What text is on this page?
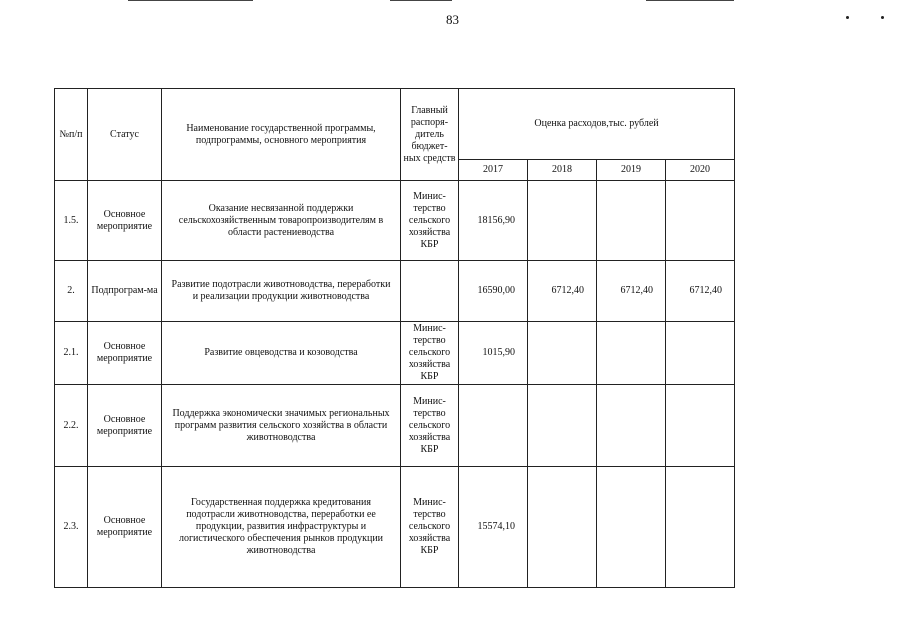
83
№п/п	Статус	Наименование государственной программы, подпрограммы, основного мероприятия	Главный распоря-дитель бюджет-ных средств	Оценка расходов,тыс. рублей			
				2017	2018	2019	2020
1.5.	Основное мероприятие	Оказание несвязанной поддержки сельскохозяйственным товаропроизводителям в области растениеводства	Минис-терство сельского хозяйства КБР	18156,90			
2.	Подпрограм-ма	Развитие подотрасли животноводства, переработки и реализации продукции животноводства		16590,00	6712,40	6712,40	6712,40
2.1.	Основное мероприятие	Развитие овцеводства и козоводства	Минис-терство сельского хозяйства КБР	1015,90			
2.2.	Основное мероприятие	Поддержка экономически значимых региональных программ развития сельского хозяйства в области животноводства	Минис-терство сельского хозяйства КБР				
2.3.	Основное мероприятие	Государственная поддержка кредитования подотрасли животноводства, переработки ее продукции, развития инфраструктуры и логистического обеспечения рынков продукции животноводства	Минис-терство сельского хозяйства КБР	15574,10			
